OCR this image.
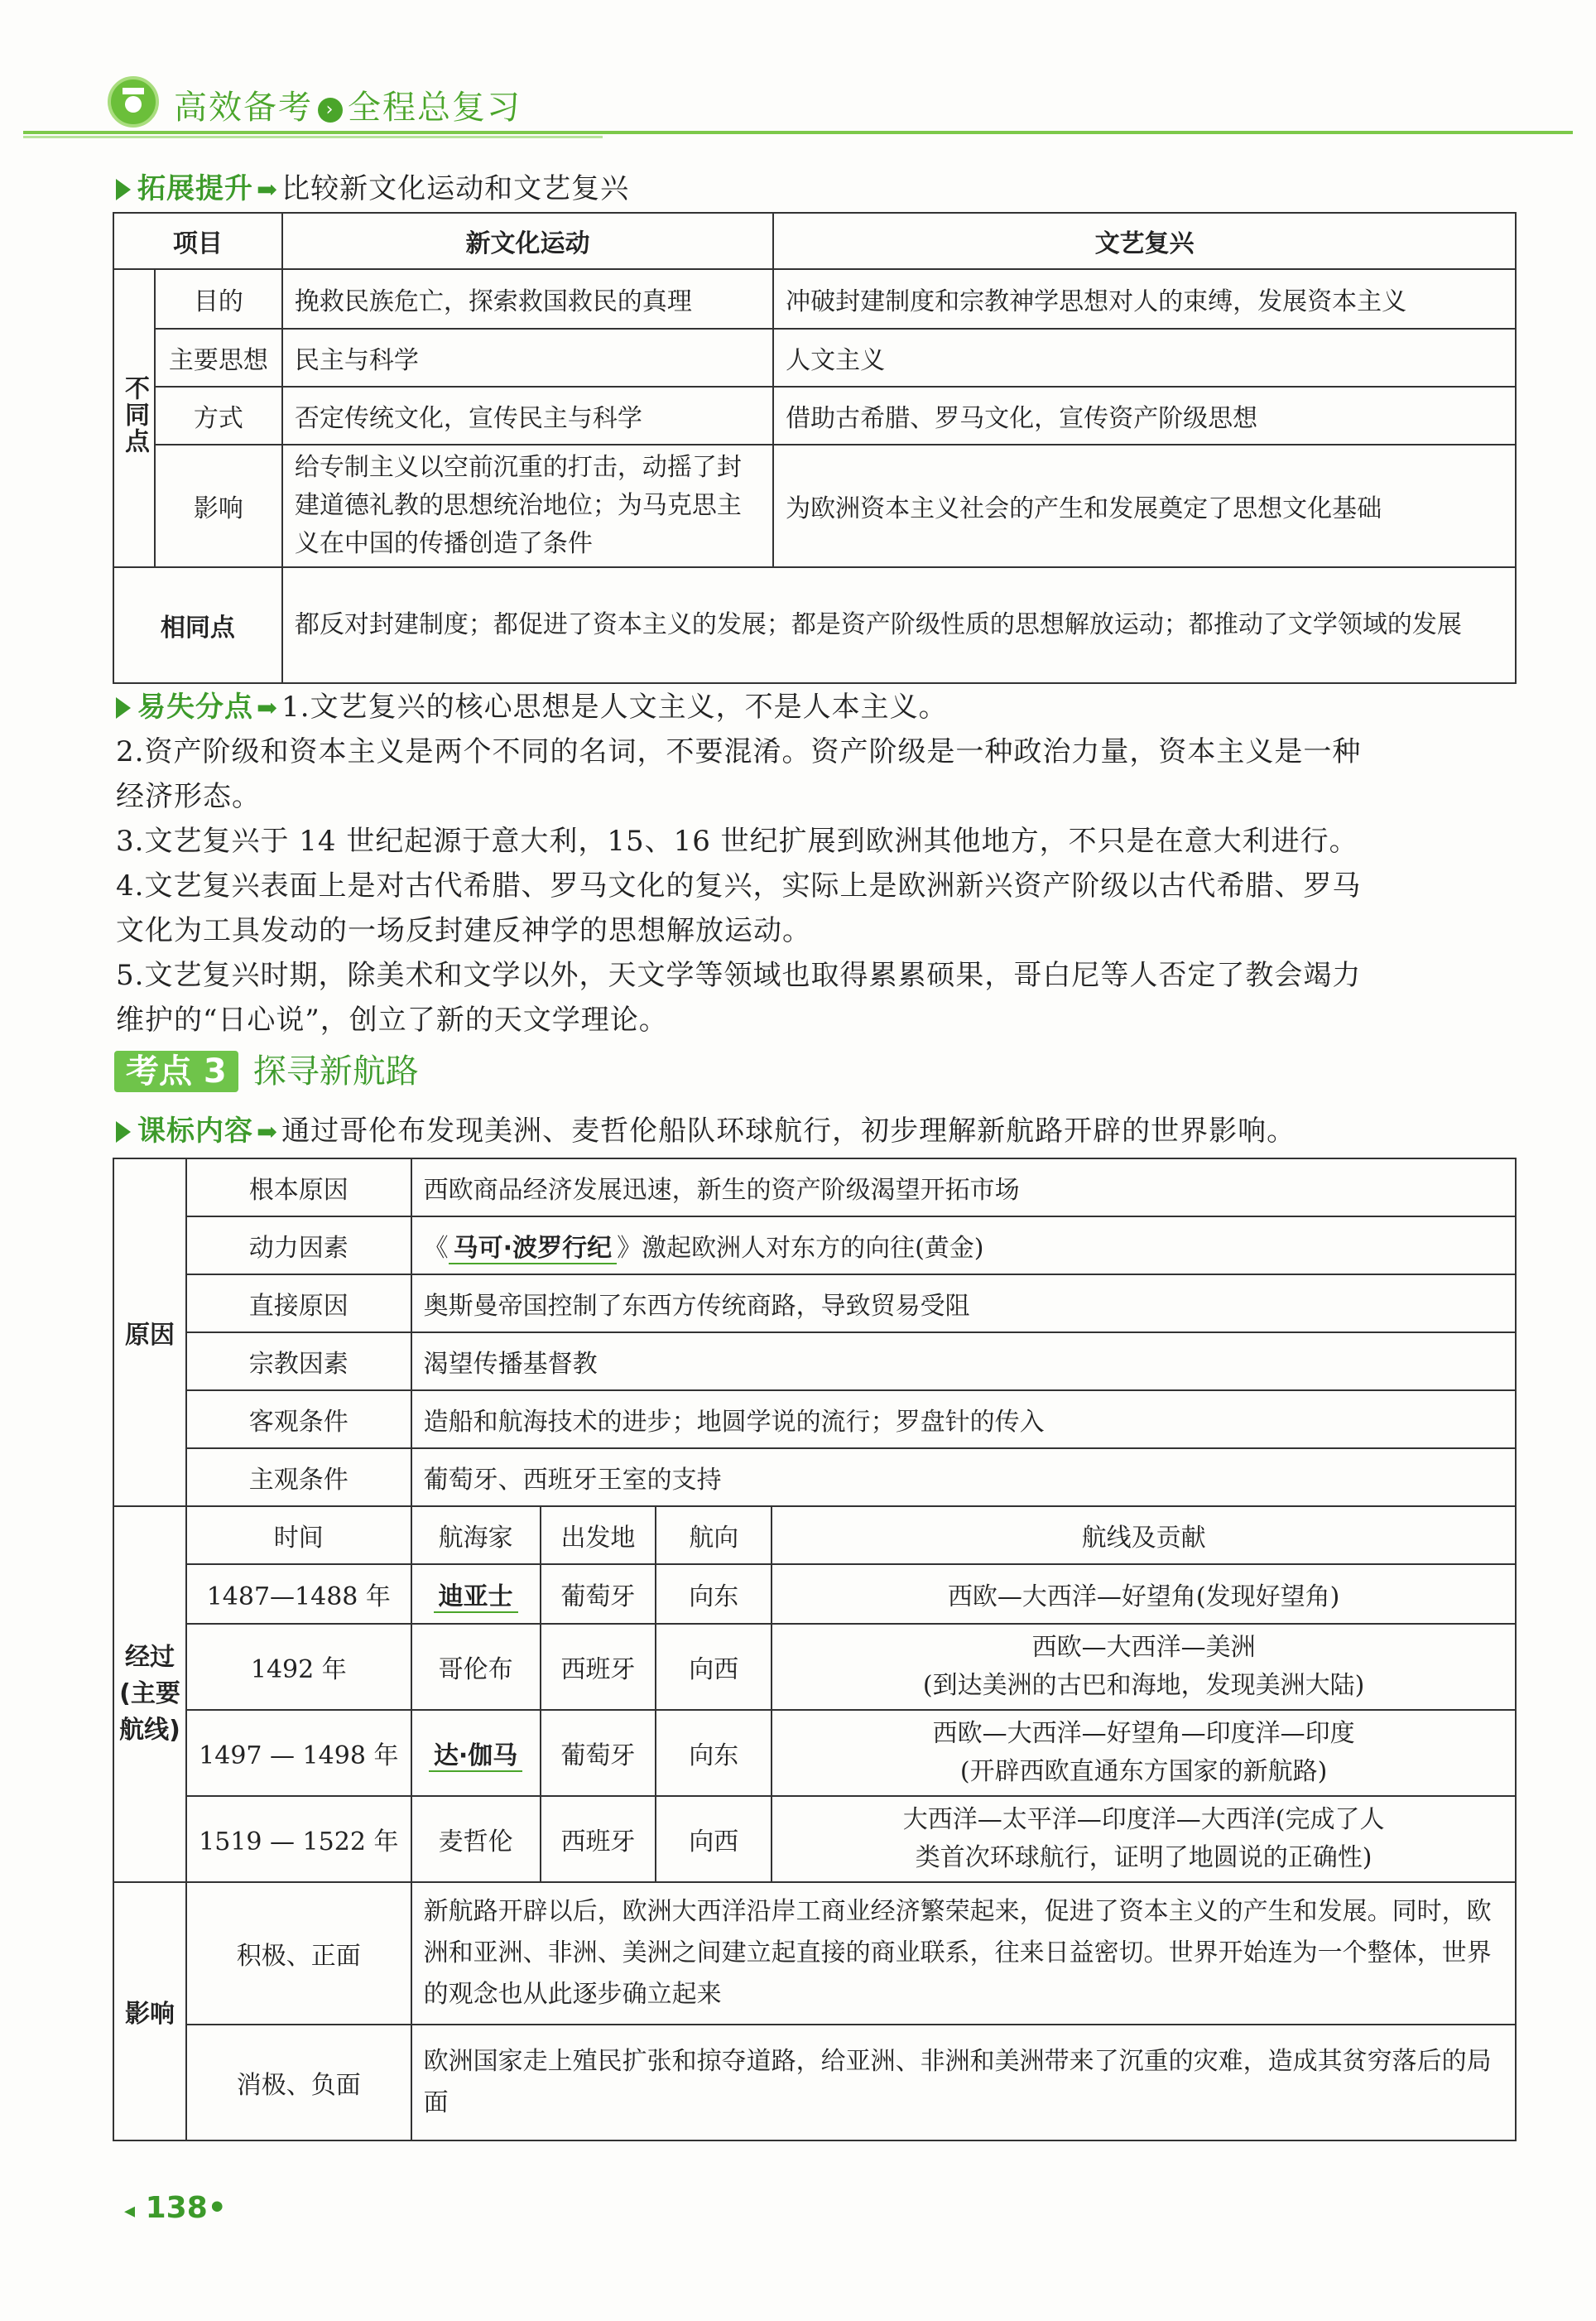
高效备考 › 全程总复习
拓展提升 ➡ 比较新文化运动和文艺复兴
项目		新文化运动	文艺复兴
不同点	目的	挽救民族危亡，探索救国救民的真理	冲破封建制度和宗教神学思想对人的束缚，发展资本主义
	主要思想	民主与科学	人文主义
	方式	否定传统文化，宣传民主与科学	借助古希腊、罗马文化，宣传资产阶级思想
	影响	给专制主义以空前沉重的打击，动摇了封建道德礼教的思想统治地位；为马克思主义在中国的传播创造了条件	为欧洲资本主义社会的产生和发展奠定了思想文化基础
相同点		都反对封建制度；都促进了资本主义的发展；都是资产阶级性质的思想解放运动；都推动了文学领域的发展	
易失分点 ➡ 1.文艺复兴的核心思想是人文主义，不是人本主义。
2.资产阶级和资本主义是两个不同的名词，不要混淆。资产阶级是一种政治力量，资本主义是一种
经济形态。
3.文艺复兴于 14 世纪起源于意大利，15、16 世纪扩展到欧洲其他地方，不只是在意大利进行。
4.文艺复兴表面上是对古代希腊、罗马文化的复兴，实际上是欧洲新兴资产阶级以古代希腊、罗马
文化为工具发动的一场反封建反神学的思想解放运动。
5.文艺复兴时期，除美术和文学以外，天文学等领域也取得累累硕果，哥白尼等人否定了教会竭力
维护的“日心说”，创立了新的天文学理论。
考点 3 探寻新航路
课标内容 ➡ 通过哥伦布发现美洲、麦哲伦船队环球航行，初步理解新航路开辟的世界影响。
原因	根本原因	西欧商品经济发展迅速，新生的资产阶级渴望开拓市场			
	动力因素	《 马可·波罗行纪 》激起欧洲人对东方的向往(黄金)			
	直接原因	奥斯曼帝国控制了东西方传统商路，导致贸易受阻			
	宗教因素	渴望传播基督教			
	客观条件	造船和航海技术的进步；地圆学说的流行；罗盘针的传入			
	主观条件	葡萄牙、西班牙王室的支持			
经过(主要航线)	时间	航海家	出发地	航向	航线及贡献
	1487—1488 年	迪亚士	葡萄牙	向东	西欧—大西洋—好望角(发现好望角)

	1492 年	哥伦布	西班牙	向西	西欧—大西洋—美洲
(到达美洲的古巴和海地，发现美洲大陆)

	1497 — 1498 年	达·伽马	葡萄牙	向东	西欧—大西洋—好望角—印度洋—印度
(开辟西欧直通东方国家的新航路)

	1519 — 1522 年	麦哲伦	西班牙	向西	大西洋—太平洋—印度洋—大西洋(完成了人
类首次环球航行，证明了地圆说的正确性)

影响	积极、正面	新航路开辟以后，欧洲大西洋沿岸工商业经济繁荣起来，促进了资本主义的产生和发展。同时，欧洲和亚洲、非洲、美洲之间建立起直接的商业联系，往来日益密切。世界开始连为一个整体，世界的观念也从此逐步确立起来			
	消极、负面	欧洲国家走上殖民扩张和掠夺道路，给亚洲、非洲和美洲带来了沉重的灾难，造成其贫穷落后的局面			
◂ 138•
